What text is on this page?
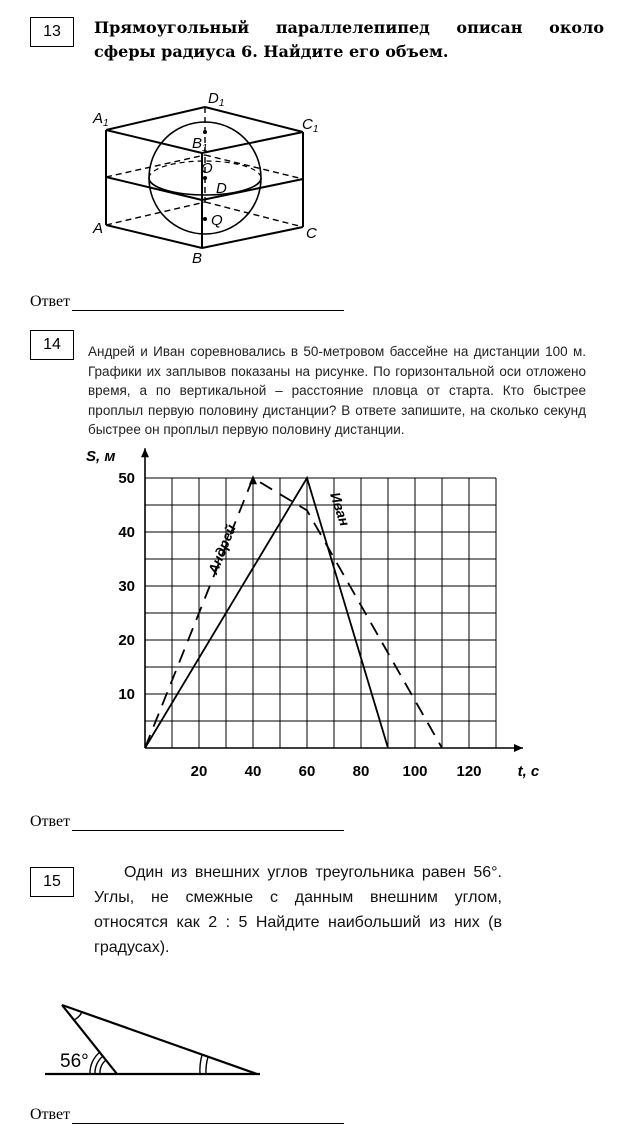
13	Прямоугольный параллелепипед описан около сферы радиуса 6. Найдите его объем.
$D_1$
$A_1$	$C_1$
$B_1$
O
D
Q
A	C
B
Ответ
14	Андрей и Иван соревновались в 50-метровом бассейне на дистанции 100 м. Графики их заплывов показаны на рисунке. По горизонтальной оси отложено время, а по вертикальной – расстояние пловца от старта. Кто быстрее проплыл первую половину дистанции? В ответе запишите, на сколько секунд быстрее он проплыл первую половину дистанции.
20 40 60 80 100 120
10
20
30
40
50
t, с
S, м
Андрей
Иван
Ответ
15
Один из внешних углов треугольника равен 56°. Углы, не смежные с данным внешним углом, относятся как 2 : 5 Найдите наибольший из них (в градусах).
56°
Ответ
